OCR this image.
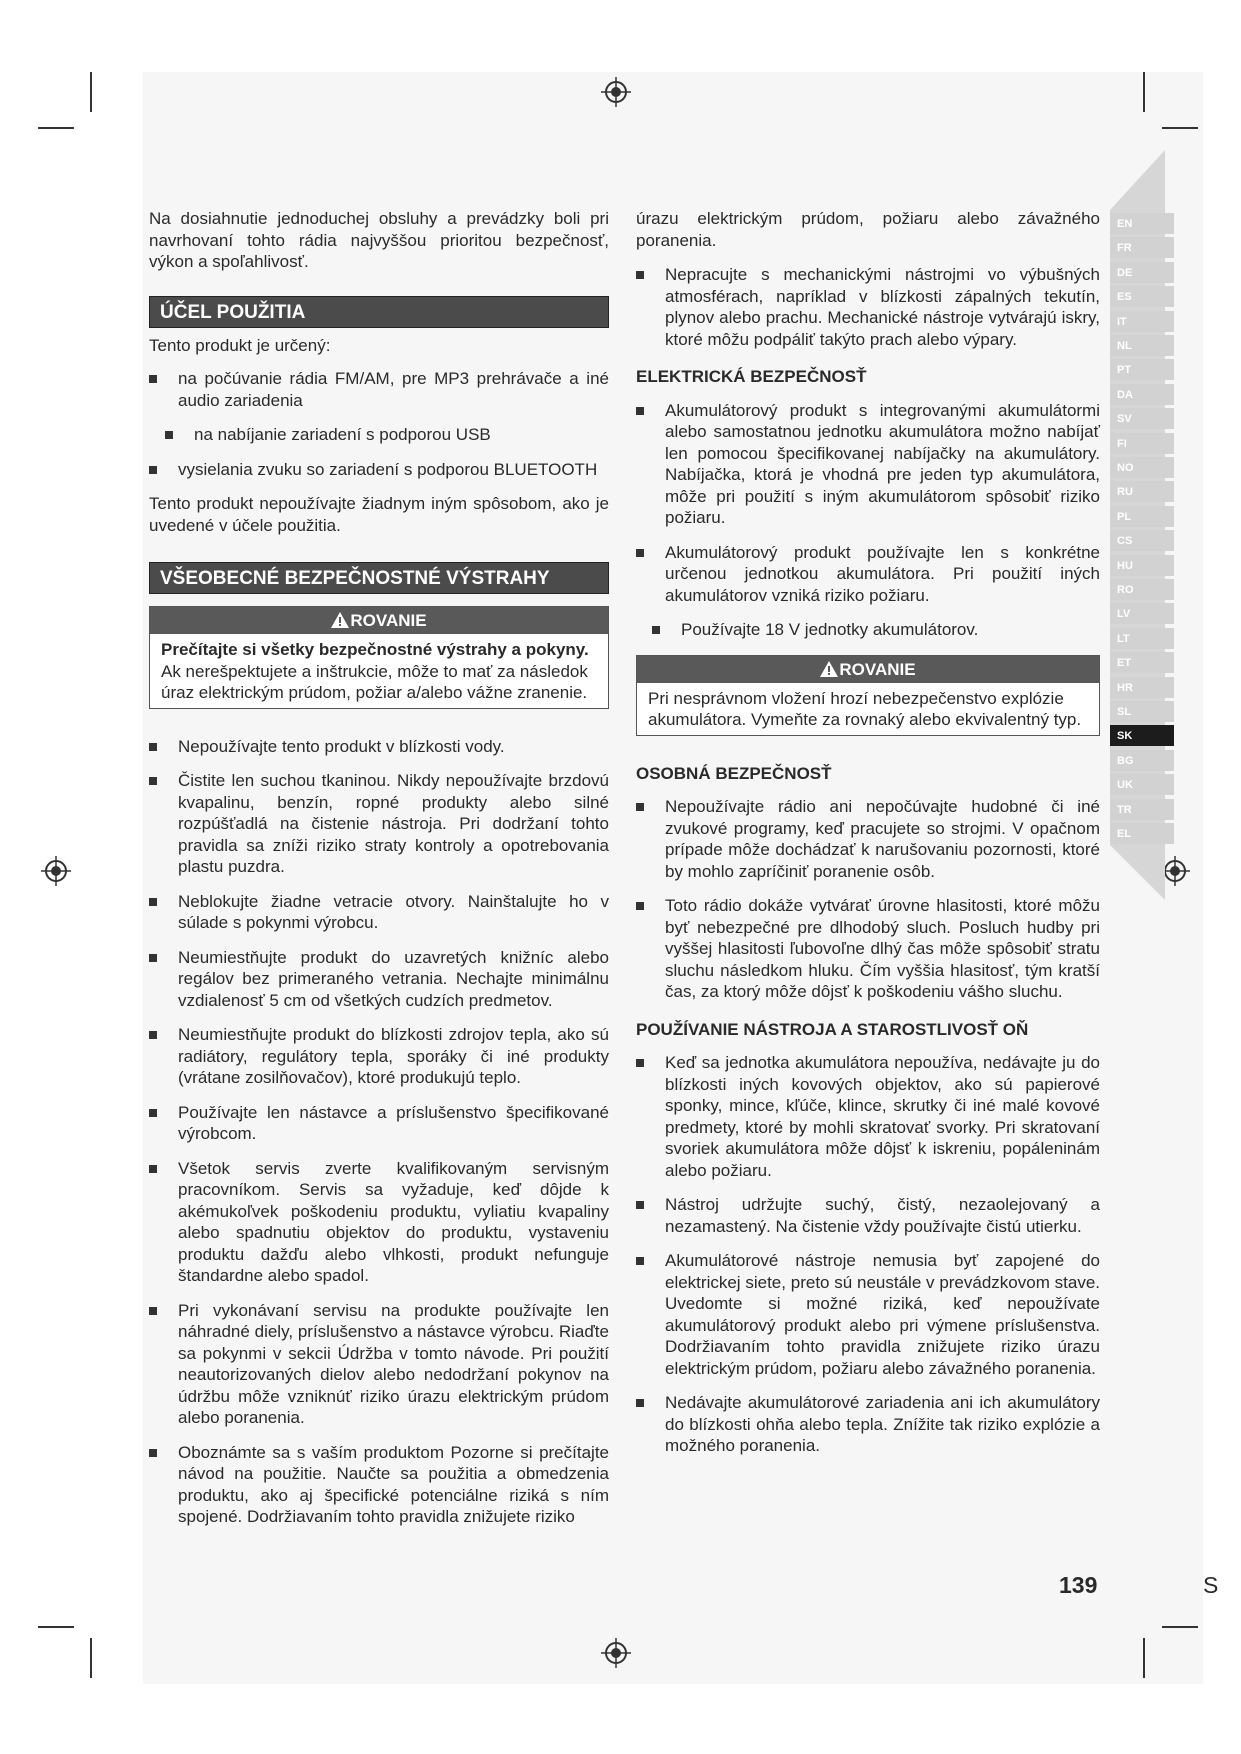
EN
FR
DE
ES
IT
NL
PT
DA
SV
FI
NO
RU
PL
CS
HU
RO
LV
LT
ET
HR
SL
SK
BG
UK
TR
EL

Na dosiahnutie jednoduchej obsluhy a prevádzky boli pri navrhovaní tohto rádia najvyššou prioritou bezpečnosť, výkon a spoľahlivosť.

ÚČEL POUŽITIA

Tento produkt je určený:

na počúvanie rádia FM/AM, pre MP3 prehrávače a iné audio zariadenia
na nabíjanie zariadení s podporou USB
vysielania zvuku so zariadení s podporou BLUETOOTH

Tento produkt nepoužívajte žiadnym iným spôsobom, ako je uvedené v účele použitia.

VŠEOBECNÉ BEZPEČNOSTNÉ VÝSTRAHY
ROVANIE
Prečítajte si všetky bezpečnostné výstrahy a pokyny.
Ak nerešpektujete a inštrukcie, môže to mať za následok úraz elektrickým prúdom, požiar a/alebo vážne zranenie.
Nepoužívajte tento produkt v blízkosti vody.
Čistite len suchou tkaninou. Nikdy nepoužívajte brzdovú kvapalinu, benzín, ropné produkty alebo silné rozpúšťadlá na čistenie nástroja. Pri dodržaní tohto pravidla sa zníži riziko straty kontroly a opotrebovania plastu puzdra.
Neblokujte žiadne vetracie otvory. Nainštalujte ho v súlade s pokynmi výrobcu.
Neumiestňujte produkt do uzavretých knižníc alebo regálov bez primeraného vetrania. Nechajte minimálnu vzdialenosť 5 cm od všetkých cudzích predmetov.
Neumiestňujte produkt do blízkosti zdrojov tepla, ako sú radiátory, regulátory tepla, sporáky či iné produkty (vrátane zosilňovačov), ktoré produkujú teplo.
Používajte len nástavce a príslušenstvo špecifikované výrobcom.
Všetok servis zverte kvalifikovaným servisným pracovníkom. Servis sa vyžaduje, keď dôjde k akémukoľvek poškodeniu produktu, vyliatiu kvapaliny alebo spadnutiu objektov do produktu, vystaveniu produktu dažďu alebo vlhkosti, produkt nefunguje štandardne alebo spadol.
Pri vykonávaní servisu na produkte používajte len náhradné diely, príslušenstvo a nástavce výrobcu. Riaďte sa pokynmi v sekcii Údržba v tomto návode. Pri použití neautorizovaných dielov alebo nedodržaní pokynov na údržbu môže vzniknúť riziko úrazu elektrickým prúdom alebo poranenia.
Oboznámte sa s vaším produktom Pozorne si prečítajte návod na použitie. Naučte sa použitia a obmedzenia produktu, ako aj špecifické potenciálne riziká s ním spojené. Dodržiavaním tohto pravidla znižujete riziko

úrazu elektrickým prúdom, požiaru alebo závažného poranenia.

Nepracujte s mechanickými nástrojmi vo výbušných atmosférach, napríklad v blízkosti zápalných tekutín, plynov alebo prachu. Mechanické nástroje vytvárajú iskry, ktoré môžu podpáliť takýto prach alebo výpary.
ELEKTRICKÁ BEZPEČNOSŤ
Akumulátorový produkt s integrovanými akumulátormi alebo samostatnou jednotku akumulátora možno nabíjať len pomocou špecifikovanej nabíjačky na akumulátory. Nabíjačka, ktorá je vhodná pre jeden typ akumulátora, môže pri použití s iným akumulátorom spôsobiť riziko požiaru.
Akumulátorový produkt používajte len s konkrétne určenou jednotkou akumulátora. Pri použití iných akumulátorov vzniká riziko požiaru.
Používajte 18 V jednotky akumulátorov.
ROVANIE
Pri nesprávnom vložení hrozí nebezpečenstvo explózie akumulátora. Vymeňte za rovnaký alebo ekvivalentný typ.
OSOBNÁ BEZPEČNOSŤ
Nepoužívajte rádio ani nepočúvajte hudobné či iné zvukové programy, keď pracujete so strojmi. V opačnom prípade môže dochádzať k narušovaniu pozornosti, ktoré by mohlo zapríčiniť poranenie osôb.
Toto rádio dokáže vytvárať úrovne hlasitosti, ktoré môžu byť nebezpečné pre dlhodobý sluch. Posluch hudby pri vyššej hlasitosti ľubovoľne dlhý čas môže spôsobiť stratu sluchu následkom hluku. Čím vyššia hlasitosť, tým kratší čas, za ktorý môže dôjsť k poškodeniu vášho sluchu.
POUŽÍVANIE NÁSTROJA A STAROSTLIVOSŤ OŇ
Keď sa jednotka akumulátora nepoužíva, nedávajte ju do blízkosti iných kovových objektov, ako sú papierové sponky, mince, kľúče, klince, skrutky či iné malé kovové predmety, ktoré by mohli skratovať svorky. Pri skratovaní svoriek akumulátora môže dôjsť k iskreniu, popáleninám alebo požiaru.
Nástroj udržujte suchý, čistý, nezaolejovaný a nezamastený. Na čistenie vždy používajte čistú utierku.
Akumulátorové nástroje nemusia byť zapojené do elektrickej siete, preto sú neustále v prevádzkovom stave. Uvedomte si možné riziká, keď nepoužívate akumulátorový produkt alebo pri výmene príslušenstva. Dodržiavaním tohto pravidla znižujete riziko úrazu elektrickým prúdom, požiaru alebo závažného poranenia.
Nedávajte akumulátorové zariadenia ani ich akumulátory do blízkosti ohňa alebo tepla. Znížite tak riziko explózie a možného poranenia.
139	S
